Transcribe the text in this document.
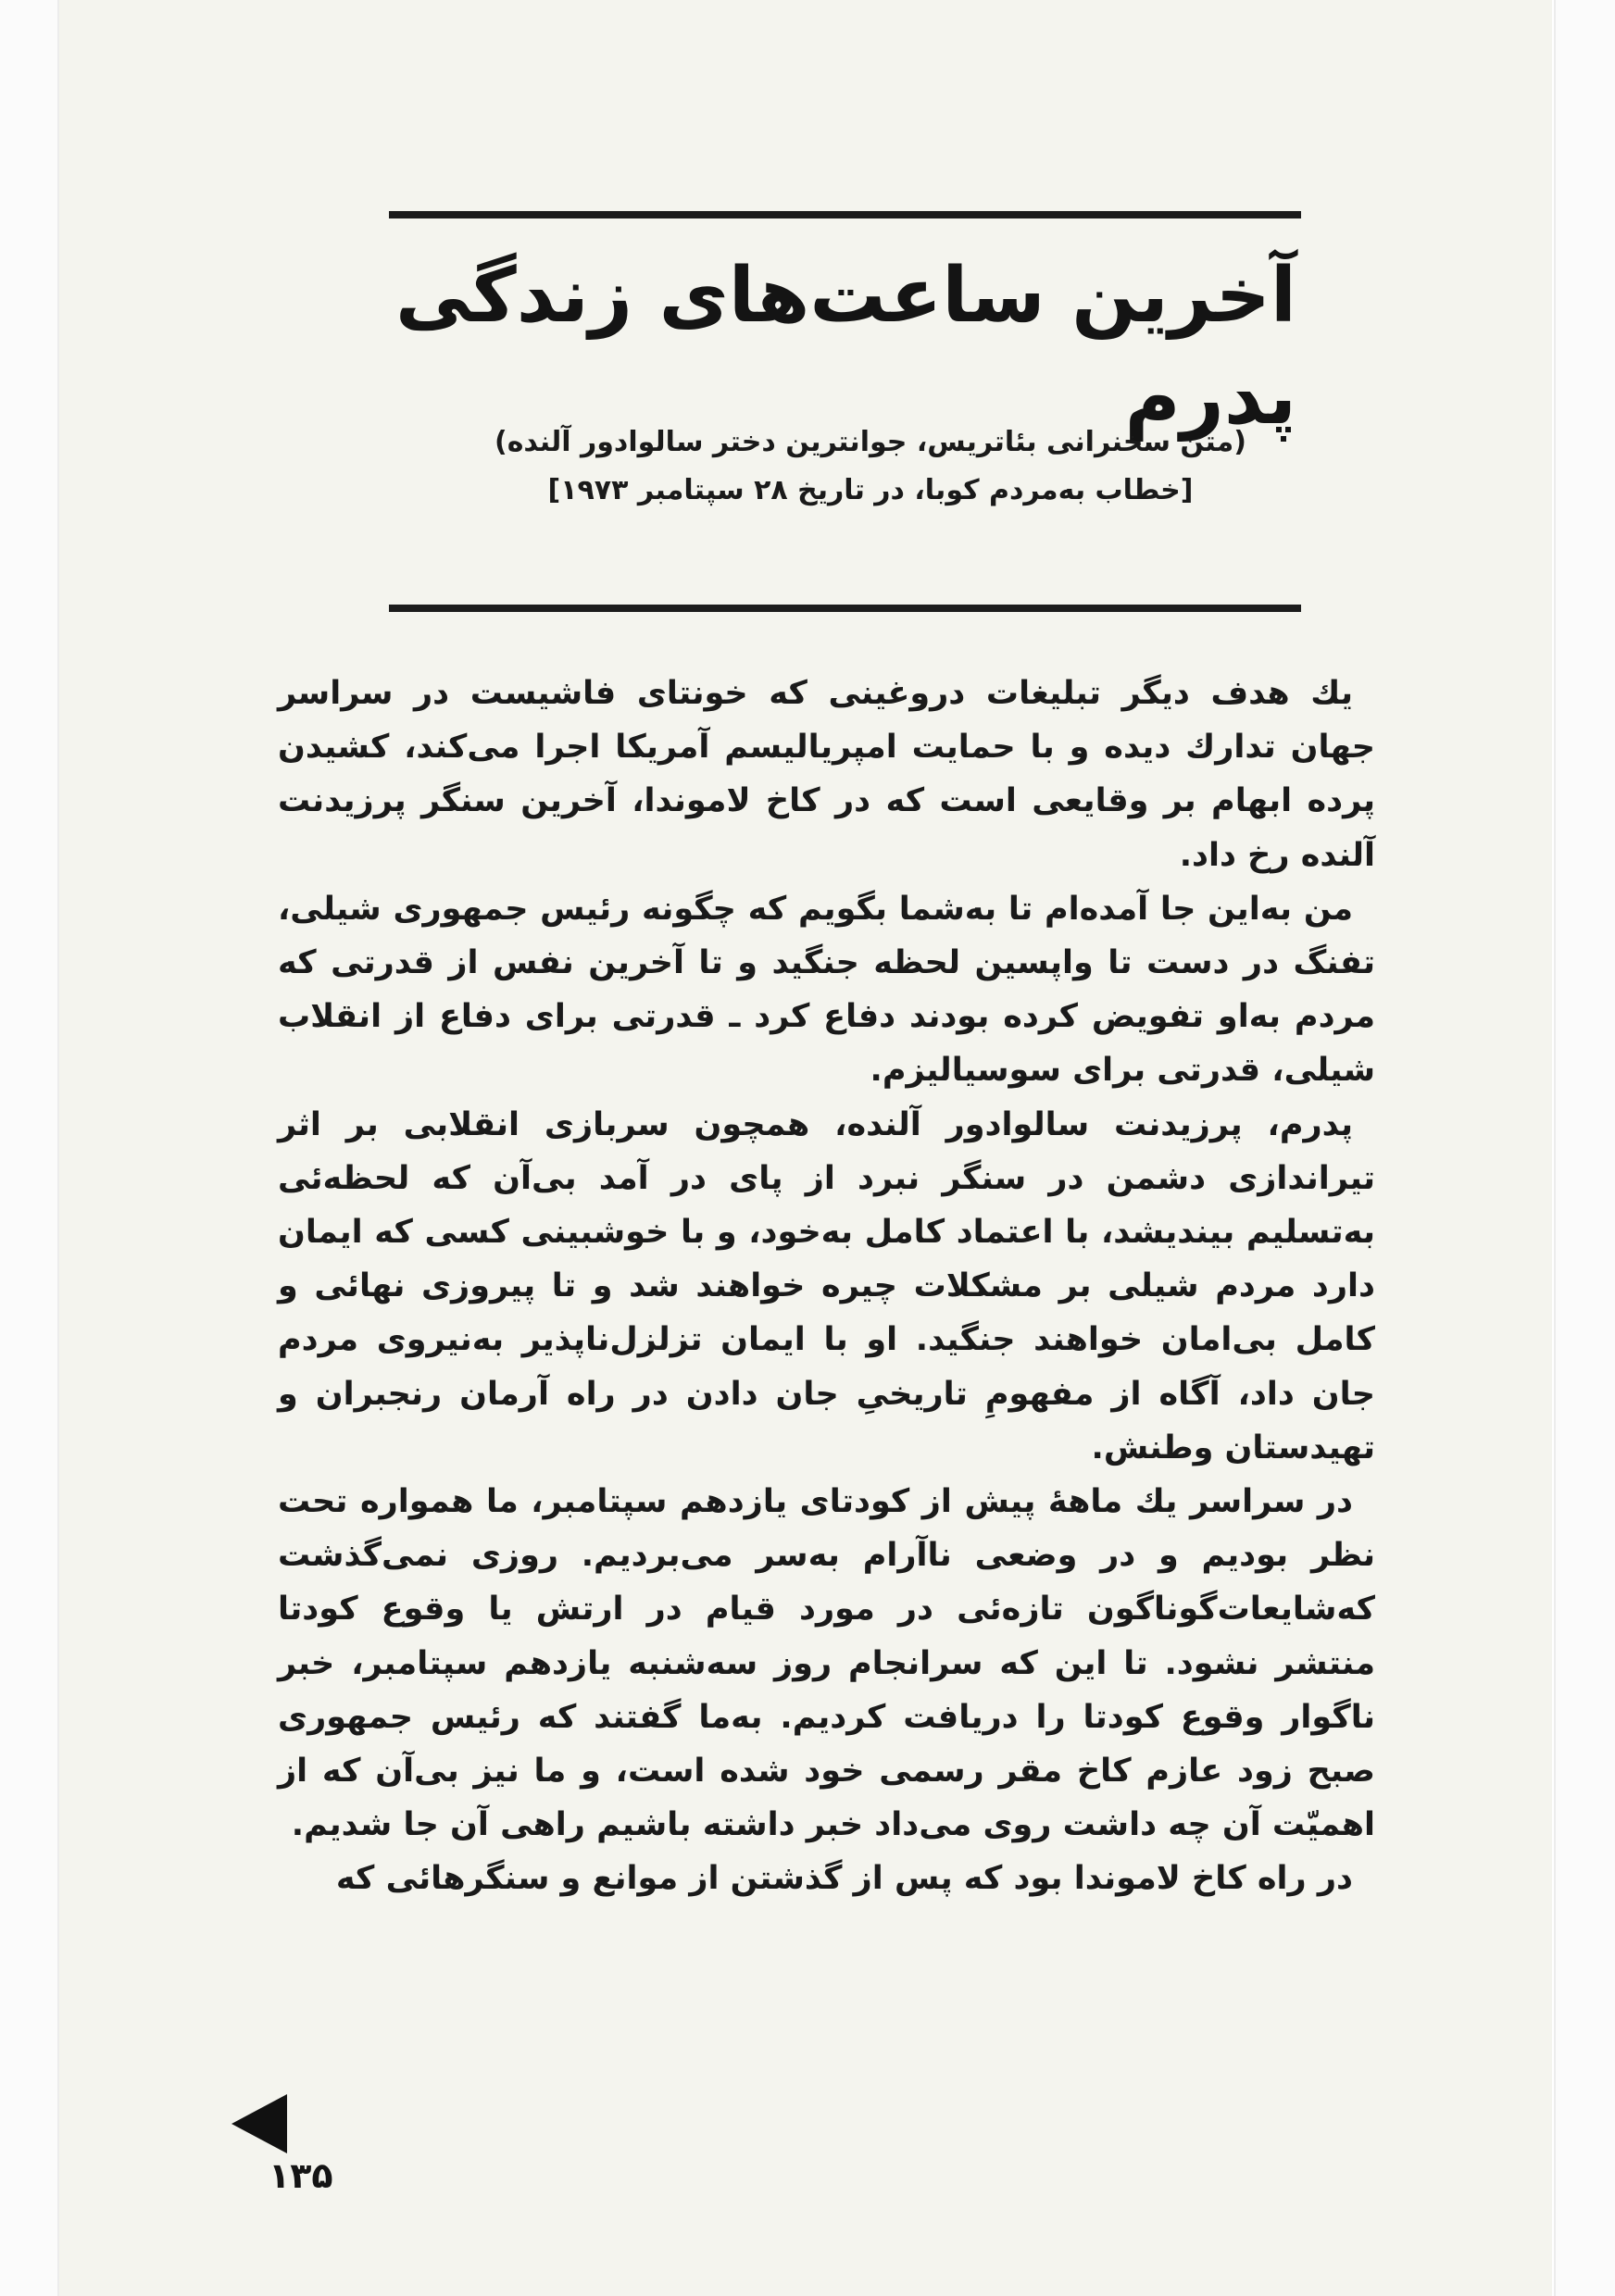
آخرین ساعت‌های زندگی پدرم
(متن سخنرانی بئاتریس، جوانترین دختر سالوادور آلنده)
[خطاب به‌مردم کوبا، در تاریخ ۲۸ سپتامبر ۱۹۷۳]

یك هدف دیگر تبلیغات دروغینی که خونتای فاشیست در سراسر جهان تدارك دیده و با حمایت امپریالیسم آمریکا اجرا می‌کند، کشیدن پرده ابهام بر وقایعی است که در کاخ لاموندا، آخرین سنگر پرزیدنت آلنده رخ داد.

من به‌این جا آمده‌ام تا به‌شما بگویم که چگونه رئیس جمهوری شیلی، تفنگ در دست تا واپسین لحظه جنگید و تا آخرین نفس از قدرتی که مردم به‌او تفویض کرده بودند دفاع کرد ـ قدرتی برای دفاع از انقلاب شیلی، قدرتی برای سوسیالیزم.

پدرم، پرزیدنت سالوادور آلنده، همچون سربازی انقلابی بر اثر تیراندازی دشمن در سنگر نبرد از پای در آمد بی‌آن که لحظه‌ئی به‌تسلیم بیندیشد، با اعتماد کامل به‌خود، و با خوشبینی کسی که ایمان دارد مردم شیلی بر مشکلات چیره خواهند شد و تا پیروزی نهائی و کامل بی‌امان خواهند جنگید. او با ایمان تزلزل‌ناپذیر به‌نیروی مردم جان داد، آگاه از مفهومِ تاریخیِ جان دادن در راه آرمان رنجبران و تهیدستان وطنش.

در سراسر یك ماههٔ پیش از کودتای یازدهم سپتامبر، ما همواره تحت نظر بودیم و در وضعی ناآرام به‌سر می‌بردیم. روزی نمی‌گذشت که‌شایعات‌گوناگون تازه‌ئی در مورد قیام در ارتش یا وقوع کودتا منتشر نشود. تا این که سرانجام روز سه‌شنبه یازدهم سپتامبر، خبر ناگوار وقوع کودتا را دریافت کردیم. به‌ما گفتند که رئیس جمهوری صبح زود عازم کاخ مقر رسمی خود شده است، و ما نیز بی‌آن که از اهمیّت آن چه داشت روی می‌داد خبر داشته باشیم راهی آن جا شدیم.

در راه کاخ لاموندا بود که پس از گذشتن از موانع و سنگرهائی که

۱۳۵
